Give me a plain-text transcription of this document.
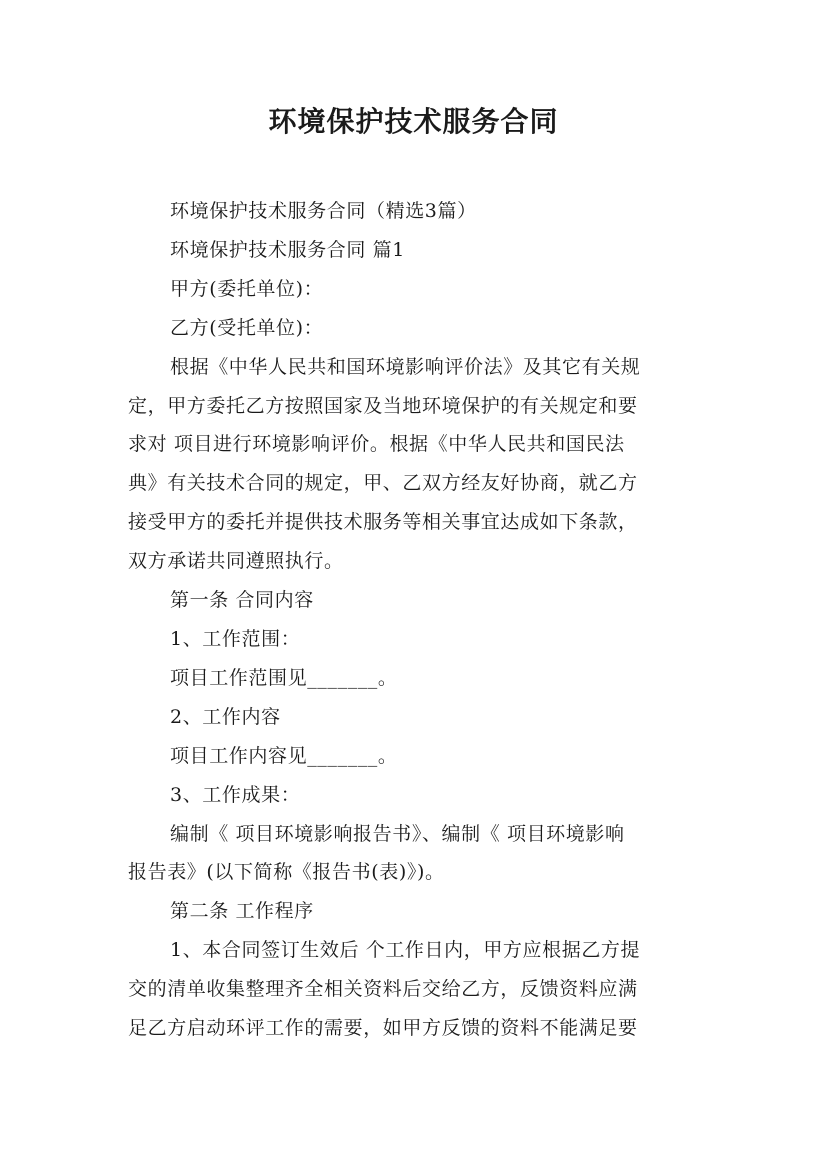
环境保护技术服务合同

环境保护技术服务合同（精选3篇）

环境保护技术服务合同 篇1

甲方(委托单位)：

乙方(受托单位)：

根据《中华人民共和国环境影响评价法》及其它有关规

定，甲方委托乙方按照国家及当地环境保护的有关规定和要

求对 项目进行环境影响评价。根据《中华人民共和国民法

典》有关技术合同的规定，甲、乙双方经友好协商，就乙方

接受甲方的委托并提供技术服务等相关事宜达成如下条款，

双方承诺共同遵照执行。

第一条 合同内容

1、工作范围：

项目工作范围见_______。

2、工作内容

项目工作内容见_______。

3、工作成果：

编制《 项目环境影响报告书》、编制《 项目环境影响

报告表》(以下简称《报告书(表)》)。

第二条 工作程序

1、本合同签订生效后 个工作日内，甲方应根据乙方提

交的清单收集整理齐全相关资料后交给乙方，反馈资料应满

足乙方启动环评工作的需要，如甲方反馈的资料不能满足要
